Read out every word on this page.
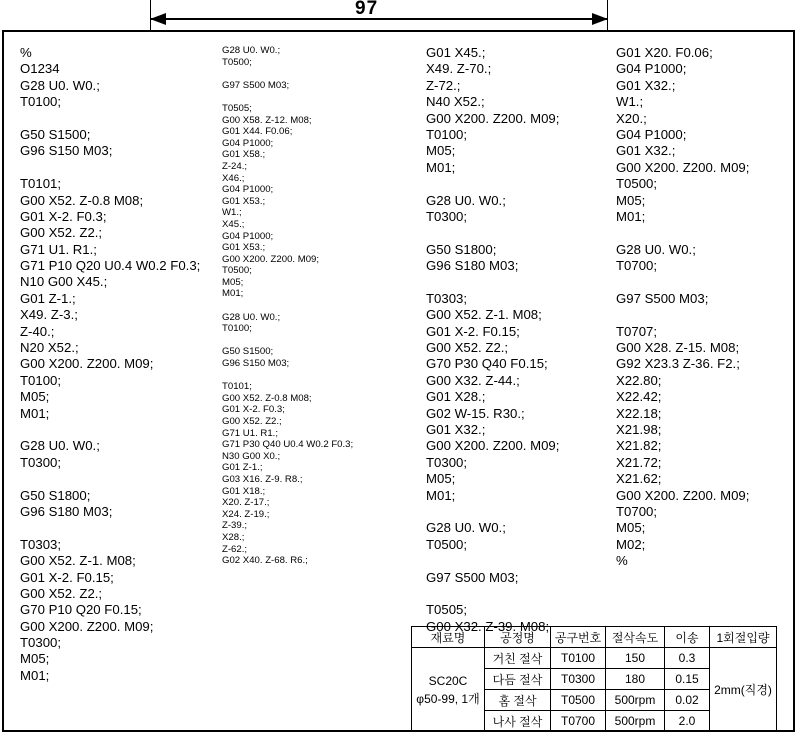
97
%
O1234
G28 U0. W0.;
T0100;
G50 S1500;
G96 S150 M03;
T0101;
G00 X52. Z-0.8 M08;
G01 X-2. F0.3;
G00 X52. Z2.;
G71 U1. R1.;
G71 P10 Q20 U0.4 W0.2 F0.3;
N10 G00 X45.;
G01 Z-1.;
X49. Z-3.;
Z-40.;
N20 X52.;
G00 X200. Z200. M09;
T0100;
M05;
M01;
G28 U0. W0.;
T0300;
G50 S1800;
G96 S180 M03;
T0303;
G00 X52. Z-1. M08;
G01 X-2. F0.15;
G00 X52. Z2.;
G70 P10 Q20 F0.15;
G00 X200. Z200. M09;
T0300;
M05;
M01;
G28 U0. W0.;
T0500;
G97 S500 M03;
T0505;
G00 X58. Z-12. M08;
G01 X44. F0.06;
G04 P1000;
G01 X58.;
Z-24.;
X46.;
G04 P1000;
G01 X53.;
W1.;
X45.;
G04 P1000;
G01 X53.;
G00 X200. Z200. M09;
T0500;
M05;
M01;
G28 U0. W0.;
T0100;
G50 S1500;
G96 S150 M03;
T0101;
G00 X52. Z-0.8 M08;
G01 X-2. F0.3;
G00 X52. Z2.;
G71 U1. R1.;
G71 P30 Q40 U0.4 W0.2 F0.3;
N30 G00 X0.;
G01 Z-1.;
G03 X16. Z-9. R8.;
G01 X18.;
X20. Z-17.;
X24. Z-19.;
Z-39.;
X28.;
Z-62.;
G02 X40. Z-68. R6.;
G01 X45.;
X49. Z-70.;
Z-72.;
N40 X52.;
G00 X200. Z200. M09;
T0100;
M05;
M01;
G28 U0. W0.;
T0300;
G50 S1800;
G96 S180 M03;
T0303;
G00 X52. Z-1. M08;
G01 X-2. F0.15;
G00 X52. Z2.;
G70 P30 Q40 F0.15;
G00 X32. Z-44.;
G01 X28.;
G02 W-15. R30.;
G01 X32.;
G00 X200. Z200. M09;
T0300;
M05;
M01;
G28 U0. W0.;
T0500;
G97 S500 M03;
T0505;
G00 X32. Z-39. M08;
G01 X20. F0.06;
G04 P1000;
G01 X32.;
W1.;
X20.;
G04 P1000;
G01 X32.;
G00 X200. Z200. M09;
T0500;
M05;
M01;
G28 U0. W0.;
T0700;
G97 S500 M03;
T0707;
G00 X28. Z-15. M08;
G92 X23.3 Z-36. F2.;
X22.80;
X22.42;
X22.18;
X21.98;
X21.82;
X21.72;
X21.62;
G00 X200. Z200. M09;
T0700;
M05;
M02;
%
재료명	공정명	공구번호	절삭속도	이송	1회절입량

SC20C
φ50-99, 1개	거친 절삭	T0100	150	0.3	2mm(직경)
	다듬 절삭	T0300	180	0.15	
	홈 절삭	T0500	500rpm	0.02	
	나사 절삭	T0700	500rpm	2.0	
